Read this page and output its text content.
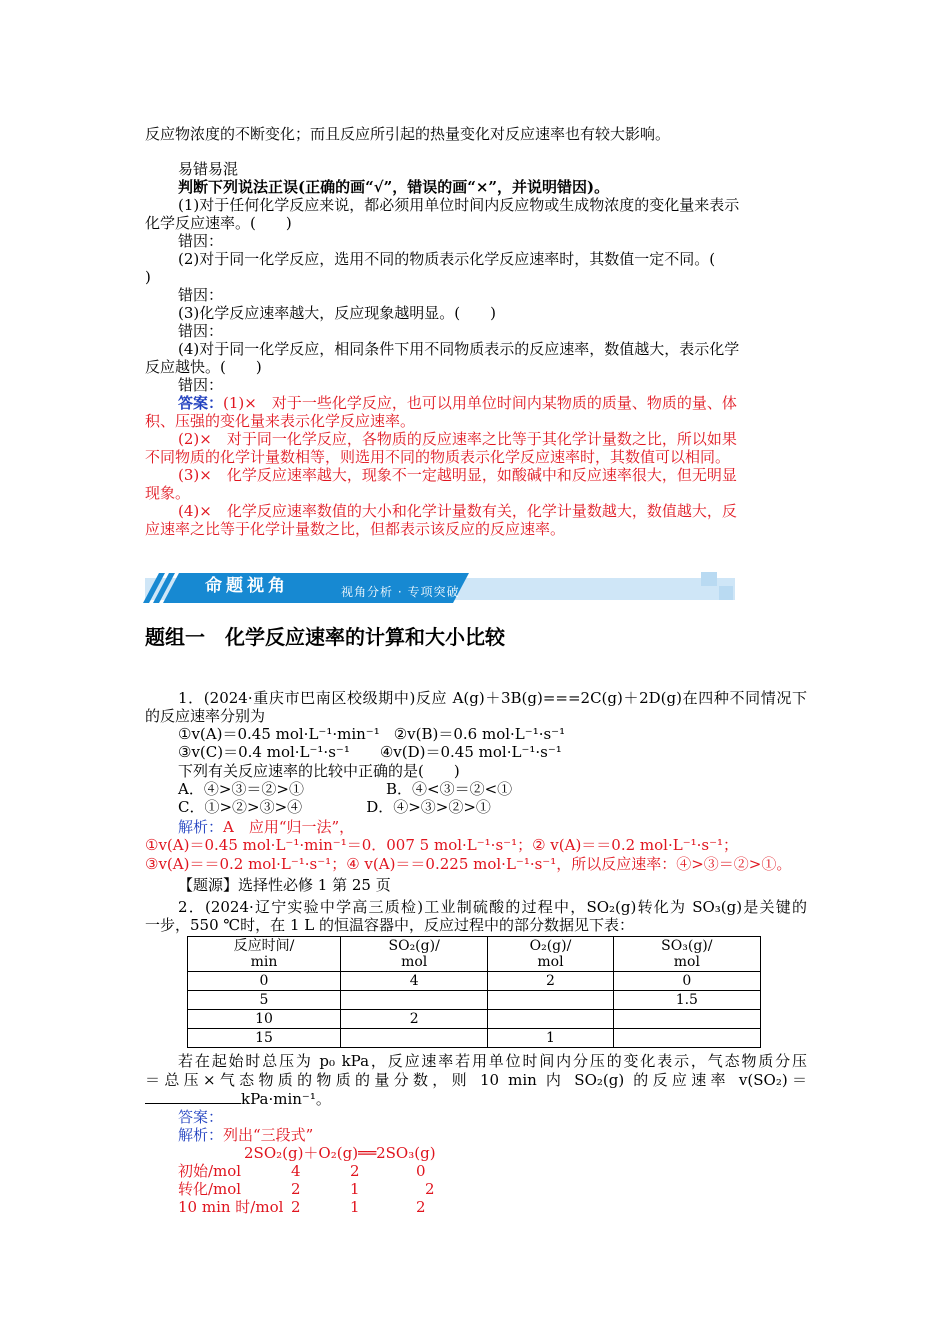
反应物浓度的不断变化；而且反应所引起的热量变化对反应速率也有较大影响。
易错易混
判断下列说法正误(正确的画“√”，错误的画“×”，并说明错因)。
(1)对于任何化学反应来说，都必须用单位时间内反应物或生成物浓度的变化量来表示
化学反应速率。(　　)
错因：
(2)对于同一化学反应，选用不同的物质表示化学反应速率时，其数值一定不同。(
)
错因：
(3)化学反应速率越大，反应现象越明显。(　　)
错因：
(4)对于同一化学反应，相同条件下用不同物质表示的反应速率，数值越大，表示化学
反应越快。(　　)
错因：
答案：(1)×　对于一些化学反应，也可以用单位时间内某物质的质量、物质的量、体
积、压强的变化量来表示化学反应速率。
(2)×　对于同一化学反应，各物质的反应速率之比等于其化学计量数之比，所以如果
不同物质的化学计量数相等，则选用不同的物质表示化学反应速率时，其数值可以相同。
(3)×　化学反应速率越大，现象不一定越明显，如酸碱中和反应速率很大，但无明显
现象。
(4)×　化学反应速率数值的大小和化学计量数有关，化学计量数越大，数值越大，反
应速率之比等于化学计量数之比，但都表示该反应的反应速率。
命题视角	视角分析 · 专项突破
题组一　化学反应速率的计算和大小比较
1．(2024·重庆市巴南区校级期中)反应 A(g)＋3B(g)===2C(g)＋2D(g)在四种不同情况下
的反应速率分别为
①v(A)＝0.45 mol·L⁻¹·min⁻¹ ②v(B)＝0.6 mol·L⁻¹·s⁻¹
③v(C)＝0.4 mol·L⁻¹·s⁻¹ ④v(D)＝0.45 mol·L⁻¹·s⁻¹
下列有关反应速率的比较中正确的是(　　)
A．④>③＝②>①	B．④<③＝②<①
C．①>②>③>④	D．④>③>②>①
解析：A　应用“归一法”，
①v(A)＝0.45 mol·L⁻¹·min⁻¹＝0．007 5 mol·L⁻¹·s⁻¹；② v(A)＝＝0.2 mol·L⁻¹·s⁻¹；
③v(A)＝＝0.2 mol·L⁻¹·s⁻¹；④ v(A)＝＝0.225 mol·L⁻¹·s⁻¹，所以反应速率：④>③＝②>①。
【题源】选择性必修 1 第 25 页
2．(2024·辽宁实验中学高三质检)工业制硫酸的过程中，SO₂(g)转化为 SO₃(g)是关键的
一步，550 ℃时，在 1 L 的恒温容器中，反应过程中的部分数据见下表：
反应时间/
min	SO₂(g)/
mol	O₂(g)/
mol	SO₃(g)/
mol
0	4	2	0
5			1.5
10	2		
15		1	
若在起始时总压为 p₀ kPa，反应速率若用单位时间内分压的变化表示，气态物质分压
＝总压×气态物质的物质的量分数，则 10 min 内 SO₂(g) 的反应速率 v(SO₂)＝
kPa·min⁻¹。
答案：
解析：列出“三段式”
2SO₂(g)＋O₂(g)══2SO₃(g)
初始/mol	4	2	0
转化/mol	2	1	2
10 min 时/mol 2	1	2
